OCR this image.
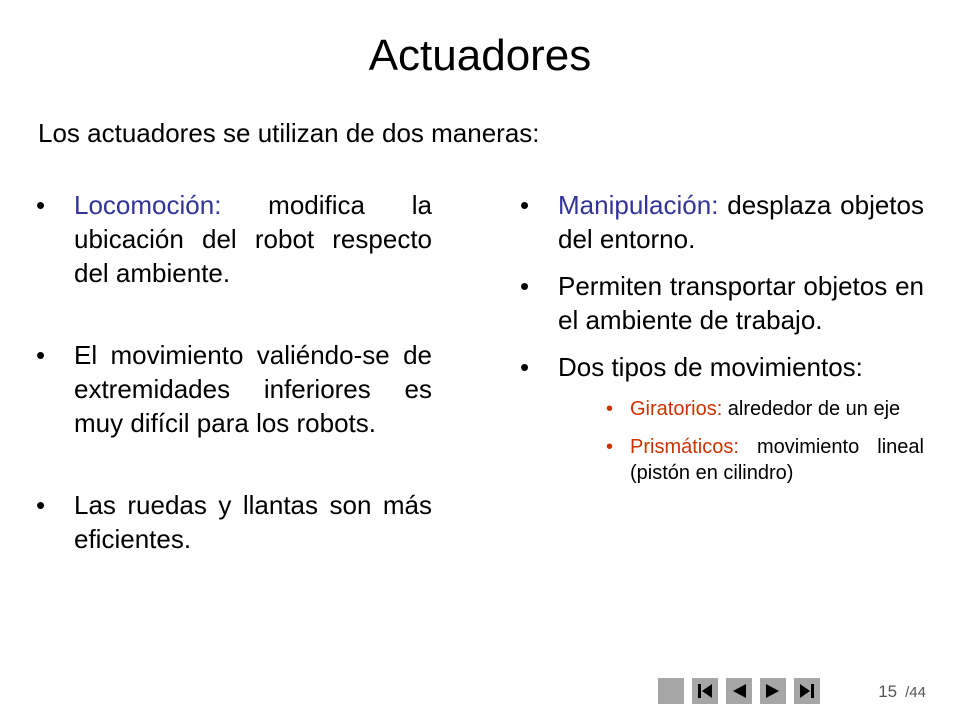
Actuadores
Los actuadores se utilizan de dos maneras:
• Locomoción: modifica la ubicación del robot respecto del ambiente.
• El movimiento valiéndo-se de extremidades inferiores es muy difícil para los robots.
• Las ruedas y llantas son más eficientes.
• Manipulación: desplaza objetos del entorno.
• Permiten transportar objetos en el ambiente de trabajo.
• Dos tipos de movimientos:
• Giratorios: alrededor de un eje
• Prismáticos: movimiento lineal (pistón en cilindro)
15 /44
